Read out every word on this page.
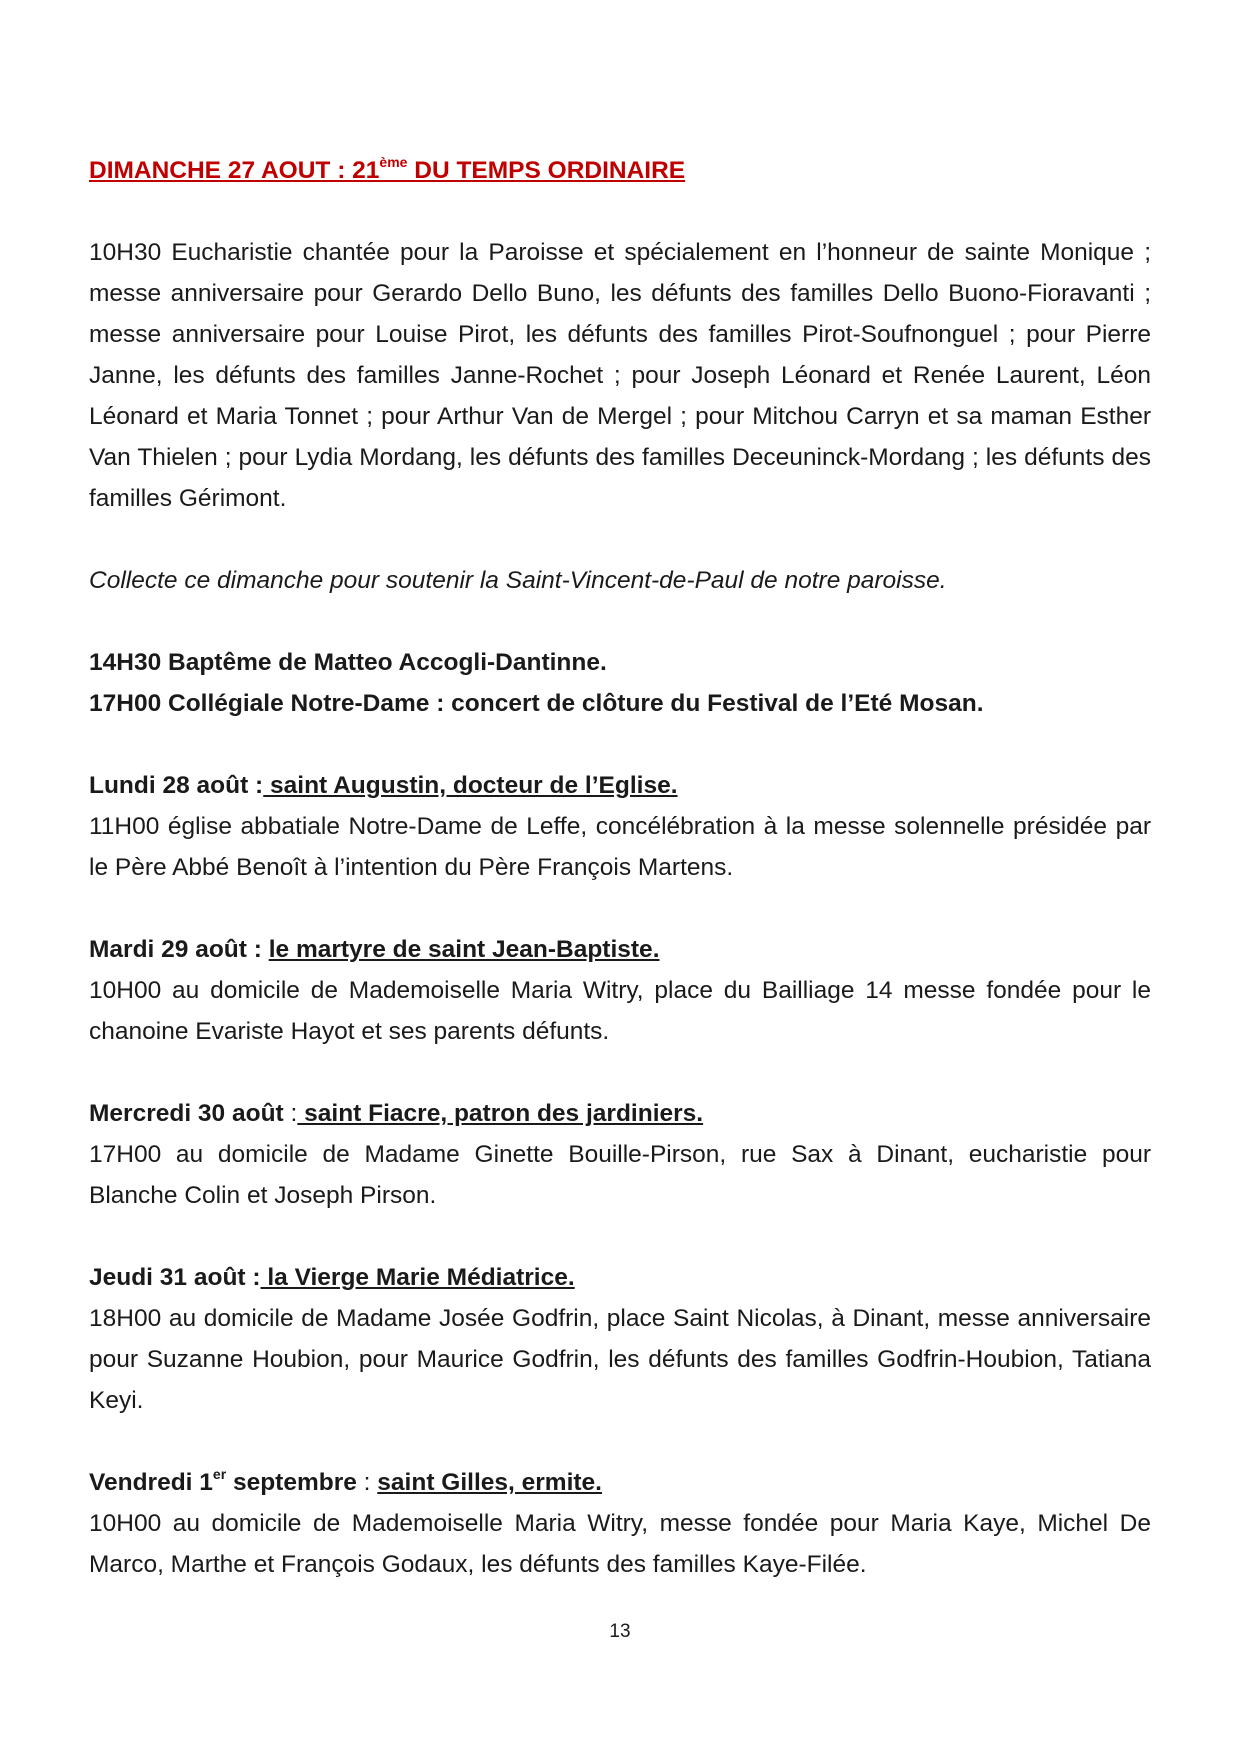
DIMANCHE 27 AOUT : 21ème DU TEMPS ORDINAIRE

10H30 Eucharistie chantée pour la Paroisse et spécialement en l’honneur de sainte Monique ; messe anniversaire pour Gerardo Dello Buno, les défunts des familles Dello Buono-Fioravanti ; messe anniversaire pour Louise Pirot, les défunts des familles Pirot-Soufnonguel ; pour Pierre Janne, les défunts des familles Janne-Rochet ; pour Joseph Léonard et Renée Laurent, Léon Léonard et Maria Tonnet ; pour Arthur Van de Mergel ; pour Mitchou Carryn et sa maman Esther Van Thielen ; pour Lydia Mordang, les défunts des familles Deceuninck-Mordang ; les défunts des familles Gérimont.

Collecte ce dimanche pour soutenir la Saint-Vincent-de-Paul de notre paroisse.

14H30 Baptême de Matteo Accogli-Dantinne.

17H00 Collégiale Notre-Dame : concert de clôture du Festival de l’Eté Mosan.

Lundi 28 août : saint Augustin, docteur de l’Eglise.

11H00 église abbatiale Notre-Dame de Leffe, concélébration à la messe solennelle présidée par le Père Abbé Benoît à l’intention du Père François Martens.

Mardi 29 août : le martyre de saint Jean-Baptiste.

10H00 au domicile de Mademoiselle Maria Witry, place du Bailliage 14 messe fondée pour le chanoine Evariste Hayot et ses parents défunts.

Mercredi 30 août : saint Fiacre, patron des jardiniers.

17H00 au domicile de Madame Ginette Bouille-Pirson, rue Sax à Dinant, eucharistie pour Blanche Colin et Joseph Pirson.

Jeudi 31 août : la Vierge Marie Médiatrice.

18H00 au domicile de Madame Josée Godfrin, place Saint Nicolas, à Dinant, messe anniversaire pour Suzanne Houbion, pour Maurice Godfrin, les défunts des familles Godfrin-Houbion, Tatiana Keyi.

Vendredi 1er septembre : saint Gilles, ermite.

10H00 au domicile de Mademoiselle Maria Witry, messe fondée pour Maria Kaye, Michel De Marco, Marthe et François Godaux, les défunts des familles Kaye-Filée.

13
